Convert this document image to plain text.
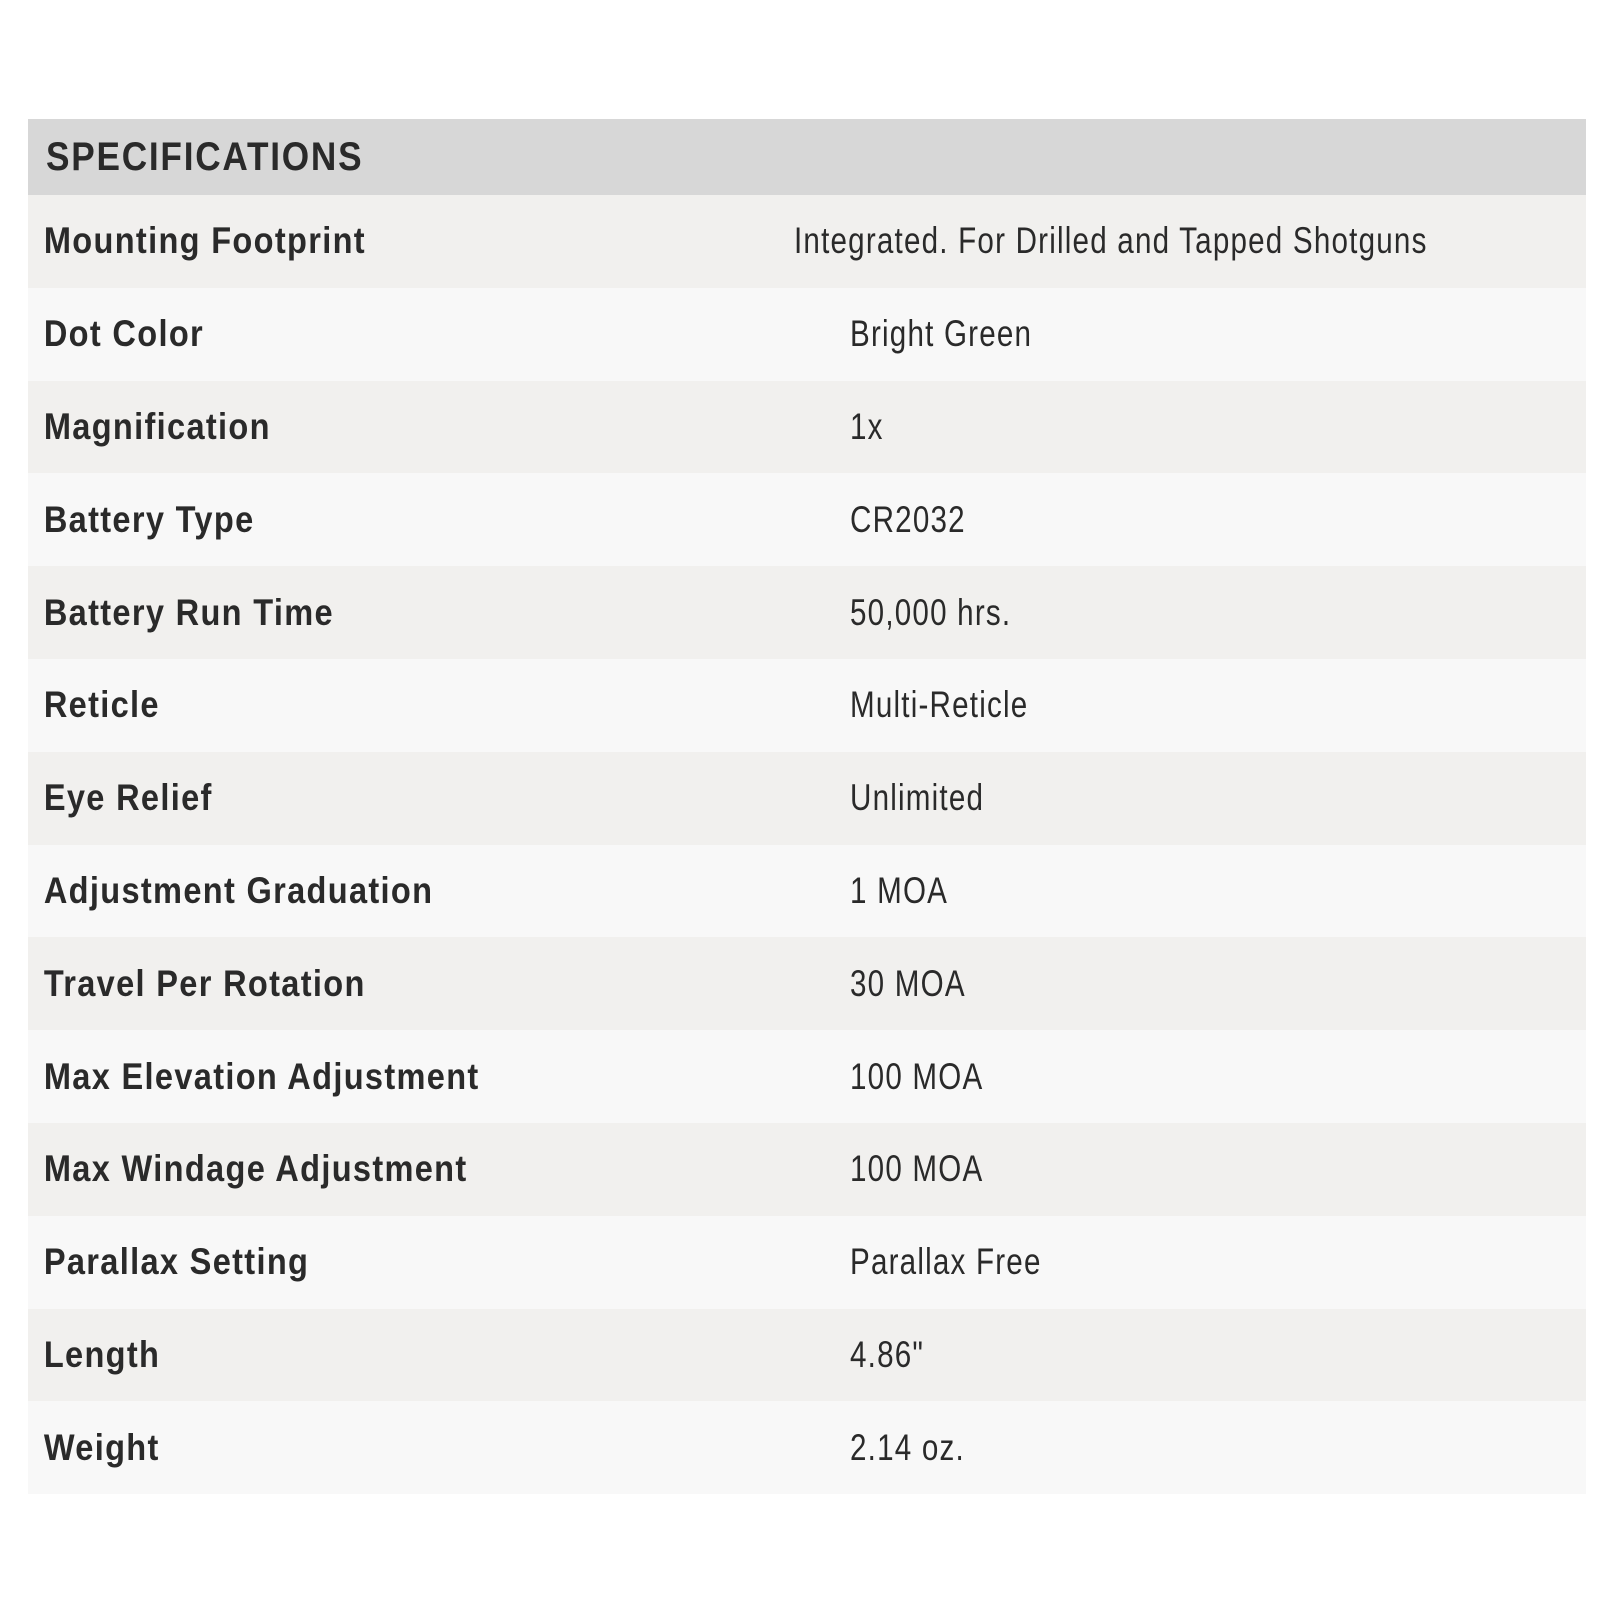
SPECIFICATIONS
Mounting Footprint	Integrated. For Drilled and Tapped Shotguns
Dot Color	Bright Green
Magnification	1x
Battery Type	CR2032
Battery Run Time	50,000 hrs.
Reticle	Multi-Reticle
Eye Relief	Unlimited
Adjustment Graduation	1 MOA
Travel Per Rotation	30 MOA
Max Elevation Adjustment	100 MOA
Max Windage Adjustment	100 MOA
Parallax Setting	Parallax Free
Length	4.86"
Weight	2.14 oz.
